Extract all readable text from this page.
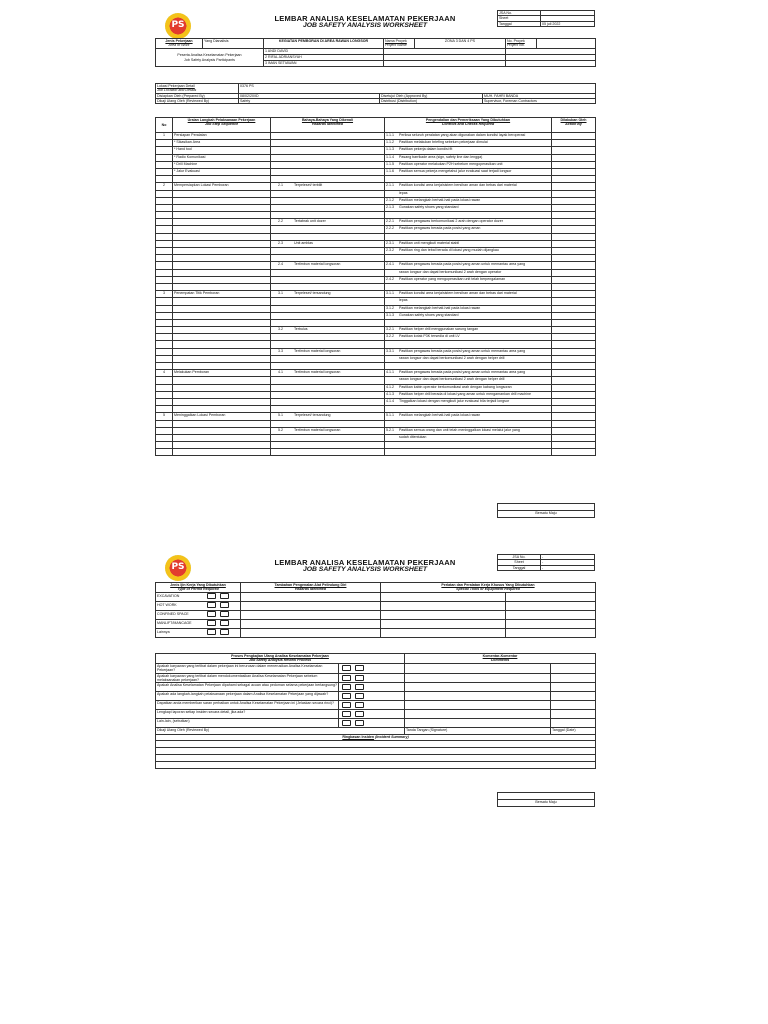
PS
LEMBAR ANALISA KESELAMATAN PEKERJAAN
JOB SAFETY ANALYSIS WORKSHEET
JSA No.	
Sheet	
Tanggal	05 juli 2022
Jenis Pekerjaan
Area of Work	Yang Dianalisis	KEGIATAN PEMBORAN DI AREA RAWAN LONGSOR	Nama Proyek
Project Name	ZONA 3 DAN 4 PS	No. Proyek
Project No.	
Peserta Analisa Keselamatan Pekerjaan
Job Safety Analysis Participants		1 ANDI DAVID				
		2 RIFAL ADRIANSYAH				
		3 IMAN SETIAWAN				
Lokasi Pekerjaan Detail
Job Location and Details	0376 PS		
Disiapkan Oleh (Prepared By)	08/02/20/ID	Disetujui Oleh (Approved By)	MUH. FAHRI BANDA
Dikaji Ulang Oleh (Reviewed By)	Safety	Distribusi (Distribution)	Supervisor, Foreman Contractors
No	Uraian Langkah Pelaksanaan Pekerjaan
Job Step Sequence	Bahaya-Bahaya Yang Dikenali
Hazards Identified	Pengendalian dan Pemeriksaan Yang Dibutuhkan
Controls and Checks Required	Dilakukan Oleh
Action By
1	Persiapan Peralatan		1.1.1 Periksa seluruh peralatan yang akan digunakan dalam kondisi layak beroperasi	
	* Sikasikan Area		1.1.2 Pastikan melakukan briefing sebelum pekerjaan dimulai	
	* Hand tool		1.1.3 Pastikan pekerja dalam kondisi fit	
	* Radio Komunikasi		1.1.4 Pasang barrikade area (sign, safety line dan lengga)	
	* Drill Machine		1.1.5 Pastikan operator melakukan P2H sebelum mengoperasikan unit	
	* Jalur Evakuasi		1.1.6 Pastikan semua pekerja mengetahui jalur evakuasi saat terjadi longsor	

2	Mempersiapkan Lokasi Pemboran	2.1 Terpeleset/ terbilit	2.1.1 Pastikan kondisi area kerja/sistem bersihan aman dan bebas dari material	
			lepas	
			2.1.2 Pastikan melangkah berhati-hati pada lokasi rawan	
			2.1.3 Gunakan safety shoes yang standard	

		2.2 Tertabrak unit dozer	2.2.1 Pastikan pengawas berkomunikasi 2 arah dengan operator dozer	
			2.2.2 Pastikan pengawas berada pada posisi yang aman	

		2.3 Unit amblas	2.3.1 Pastikan unit mengikuti material stabil	
			2.3.2 Pastikan ring dan tebal berada di lokasi yang mudah dijangkau	

		2.4 Tertimbun material longsoran	2.4.1 Pastikan pengawas berada pada posisi yang aman untuk memantau area yang	
			rawan longsor dan dapat berkomunikasi 2 arah dengan operator	
			2.4.2 Pastikan operator yang mengoperasikan unit telah berpengalaman	

3	Penempatan Titik Pemboran	3.1 Terpeleset/ tersandung	3.1.1 Pastikan kondisi area kerja/sistem bersihan aman dan bebas dari material	
			lepas	
			3.1.2 Pastikan melangkah berhati-hati pada lokasi rawan	
			3.1.3 Gunakan safety shoes yang standard	

		3.2 Terbulus	3.2.1 Pastikan helper drill menggunakan sarung tangan	
			3.2.2 Pastikan kotak P3K tersedia di unit LV	

		3.3 Tertimbun material longsoran	3.3.1 Pastikan pengawas berada pada posisi yang aman untuk memantau area yang	
			rawan longsor dan dapat berkomunikasi 2 arah dengan helper drill	

4	Melakukan Pemboran	4.1 Tertimbun material longsoran	4.1.1 Pastikan pengawas berada pada posisi yang aman untuk memantau area yang	
			rawan longsor dan dapat berkomunikasi 2 arah dengan helper drill	
			4.1.2 Pastikan kabin operator berkomunikasi arah dengan kabang longsoran	
			4.1.3 Pastikan helper drill berada di lokasi yang aman untuk mengamankan drill machine	
			4.1.4 Tinggalkan lokasi dengan mengikuti jalur evakuasi bila terjadi longsor	

5	Meninggalkan Lokasi Pemboran	5.1 Terpeleset/ tersandung	5.1.1 Pastikan melangkah berhati-hati pada lokasi rawan	

		5.2 Tertimbun material longsoran	5.2.1 Pastikan semua orang dan unit telah meninggalkan lokasi melalui jalur yang	
			sudah ditentukan	

Bersatu Maju
PS	LEMBAR ANALISA KESELAMATAN PEKERJAAN
JOB SAFETY ANALYSIS WORKSHEET
JSA No.	-
Sheet	-
Tanggal	-
Jenis Ijin Kerja Yang Dibutuhkan
Type of Permit Required	Tambahan Pengenalan Alat Pelindung Diri
Hazards Identified	Perlatan dan Peralatan Kerja Khusus Yang Dibutuhkan
Special Tools or Equipment Required	
EXCAVATION			
HOT WORK			
CONFINED SPACE			
MANLIFT/MANCAGE			
Lainnya			
Proses Pengkajian Ulang Analisa Keselamatan Pekerjaan
Job Safety Analysis Review Process		Komentar-Komentar
Comments	
Apakah karyawan yang terlibat dalam pekerjaan ini berurusan dalam menerusikan Analisa Keselamatan Pekerjaan?			
Apakah karyawan yang terlibat dalam mendokumentasikan Analisa Keselamatan Pekerjaan sebelum melaksanakan pekerjaan?			
Apakah Analisa Keselamatan Pekerjaan dipahami sebagai acuan atau pedoman selama pekerjaan berlangsung?			
Apakah ada langkah-langkah pelaksanaan pekerjaan dalam Analisa Keselamatan Pekerjaan yang dijawab?			
Dapatkan anda memberikan saran perbaikan untuk Analisa Keselamatan Pekerjaan ini (Jelaskan secara rinci)?			
Lengkapi laporan setiap insiden secara detail, jika ada?			
Lain-lain, (sebutkan)			
Dikaji Ulang Oleh (Reviewed By)		Tanda Tangan (Signature)	Tanggal (Date)
Ringkasan Insiden (Incident Summary)			

Bersatu Maju
